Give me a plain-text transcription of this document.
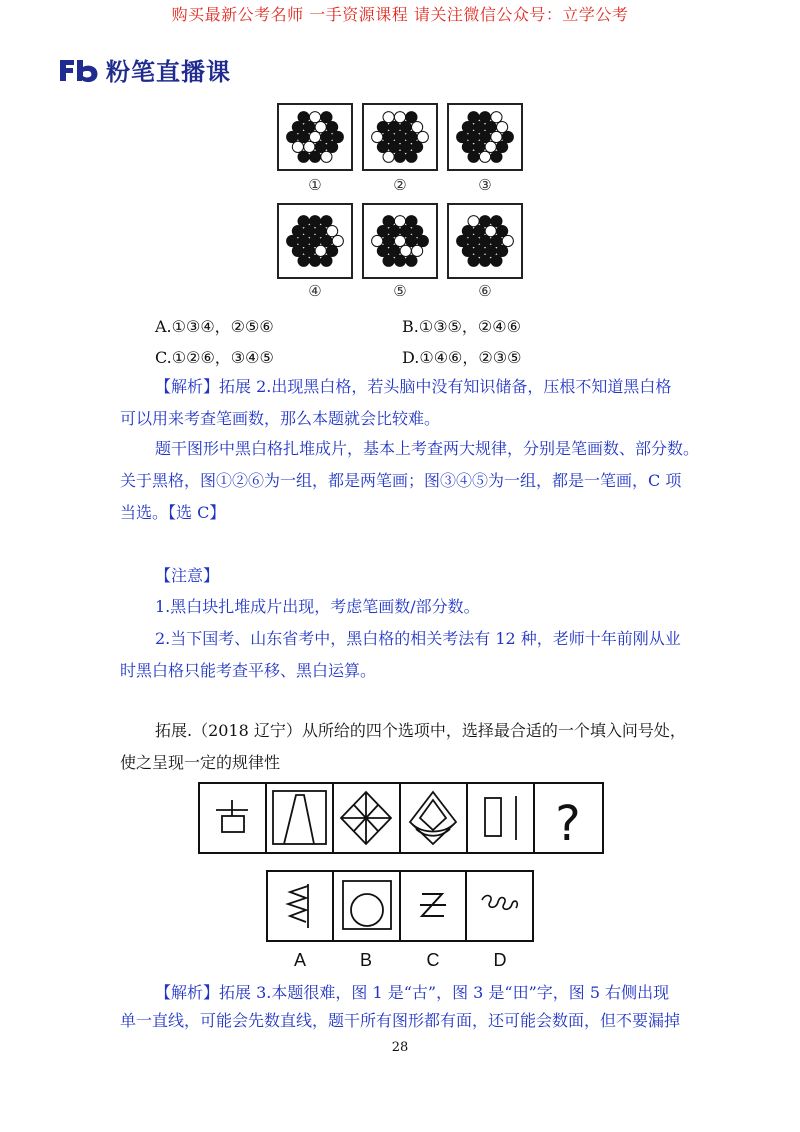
购买最新公考名师 一手资源课程 请关注微信公众号：立学公考
粉笔直播课
①	②	③
④	⑤	⑥
A.①③④，②⑤⑥	B.①③⑤，②④⑥
C.①②⑥，③④⑤	D.①④⑥，②③⑤
【解析】拓展 2.出现黑白格，若头脑中没有知识储备，压根不知道黑白格
可以用来考查笔画数，那么本题就会比较难。
题干图形中黑白格扎堆成片，基本上考查两大规律，分别是笔画数、部分数。
关于黑格，图①②⑥为一组，都是两笔画；图③④⑤为一组，都是一笔画，C 项
当选。【选 C】
【注意】
1.黑白块扎堆成片出现，考虑笔画数/部分数。
2.当下国考、山东省考中，黑白格的相关考法有 12 种，老师十年前刚从业
时黑白格只能考查平移、黑白运算。
拓展.（2018 辽宁）从所给的四个选项中，选择最合适的一个填入问号处，
使之呈现一定的规律性
?
A	B	C	D
【解析】拓展 3.本题很难，图 1 是“古”，图 3 是“田”字，图 5 右侧出现
单一直线，可能会先数直线，题干所有图形都有面，还可能会数面，但不要漏掉
28
